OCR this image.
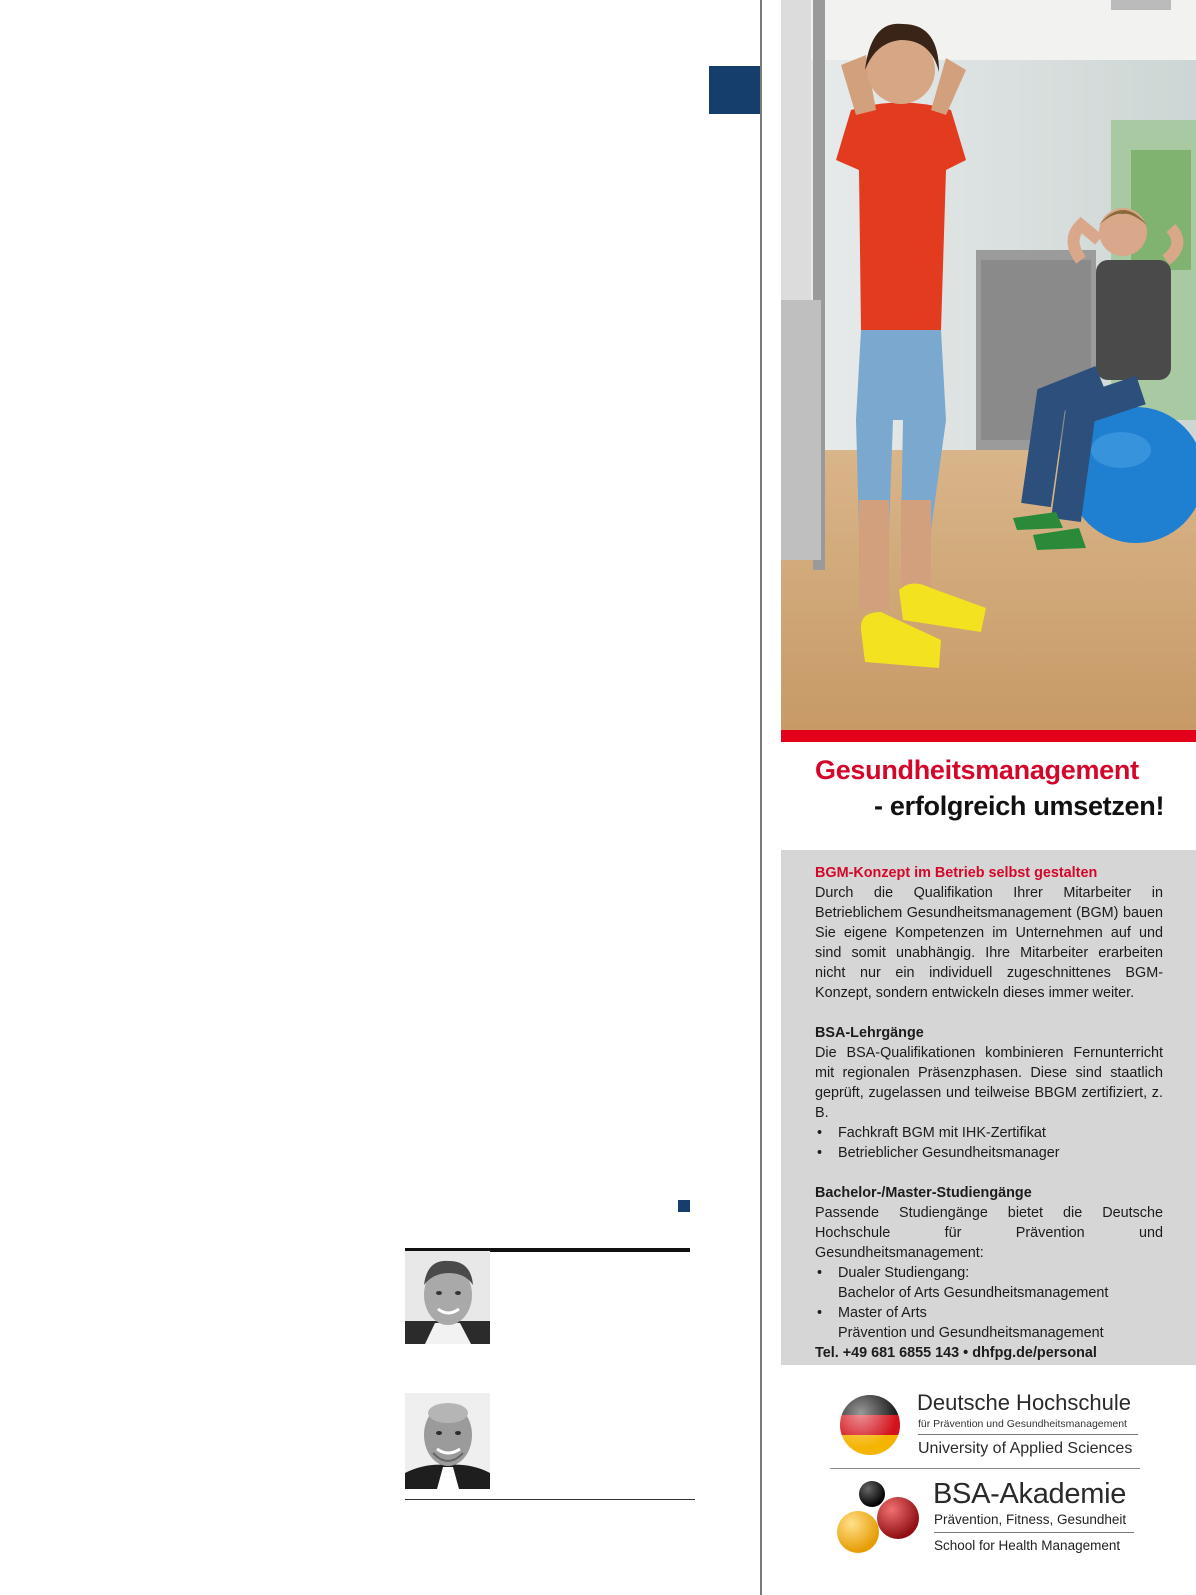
Gesundheitsmanagement
- erfolgreich umsetzen!
BGM-Konzept im Betrieb selbst gestalten

Durch die Qualifikation Ihrer Mitarbeiter in Betrieblichem Gesundheitsmanagement (BGM) bauen Sie eigene Kompetenzen im Unternehmen auf und sind somit unabhängig. Ihre Mitarbeiter erarbeiten nicht nur ein individuell zugeschnittenes BGM-Konzept, sondern entwickeln dieses immer weiter.

BSA-Lehrgänge

Die BSA-Qualifikationen kombinieren Fernunterricht mit regionalen Präsenzphasen. Diese sind staatlich geprüft, zugelassen und teilweise BBGM zertifiziert, z. B.

• Fachkraft BGM mit IHK-Zertifikat
• Betrieblicher Gesundheitsmanager
Bachelor-/Master-Studiengänge

Passende Studiengänge bietet die Deutsche Hochschule für Prävention und Gesundheitsmanagement:

• Dualer Studiengang:
Bachelor of Arts Gesundheitsmanagement
• Master of Arts
Prävention und Gesundheitsmanagement

Tel. +49 681 6855 143 • dhfpg.de/personal

Deutsche Hochschule
für Prävention und Gesundheitsmanagement
University of Applied Sciences
BSA-Akademie
Prävention, Fitness, Gesundheit
School for Health Management
